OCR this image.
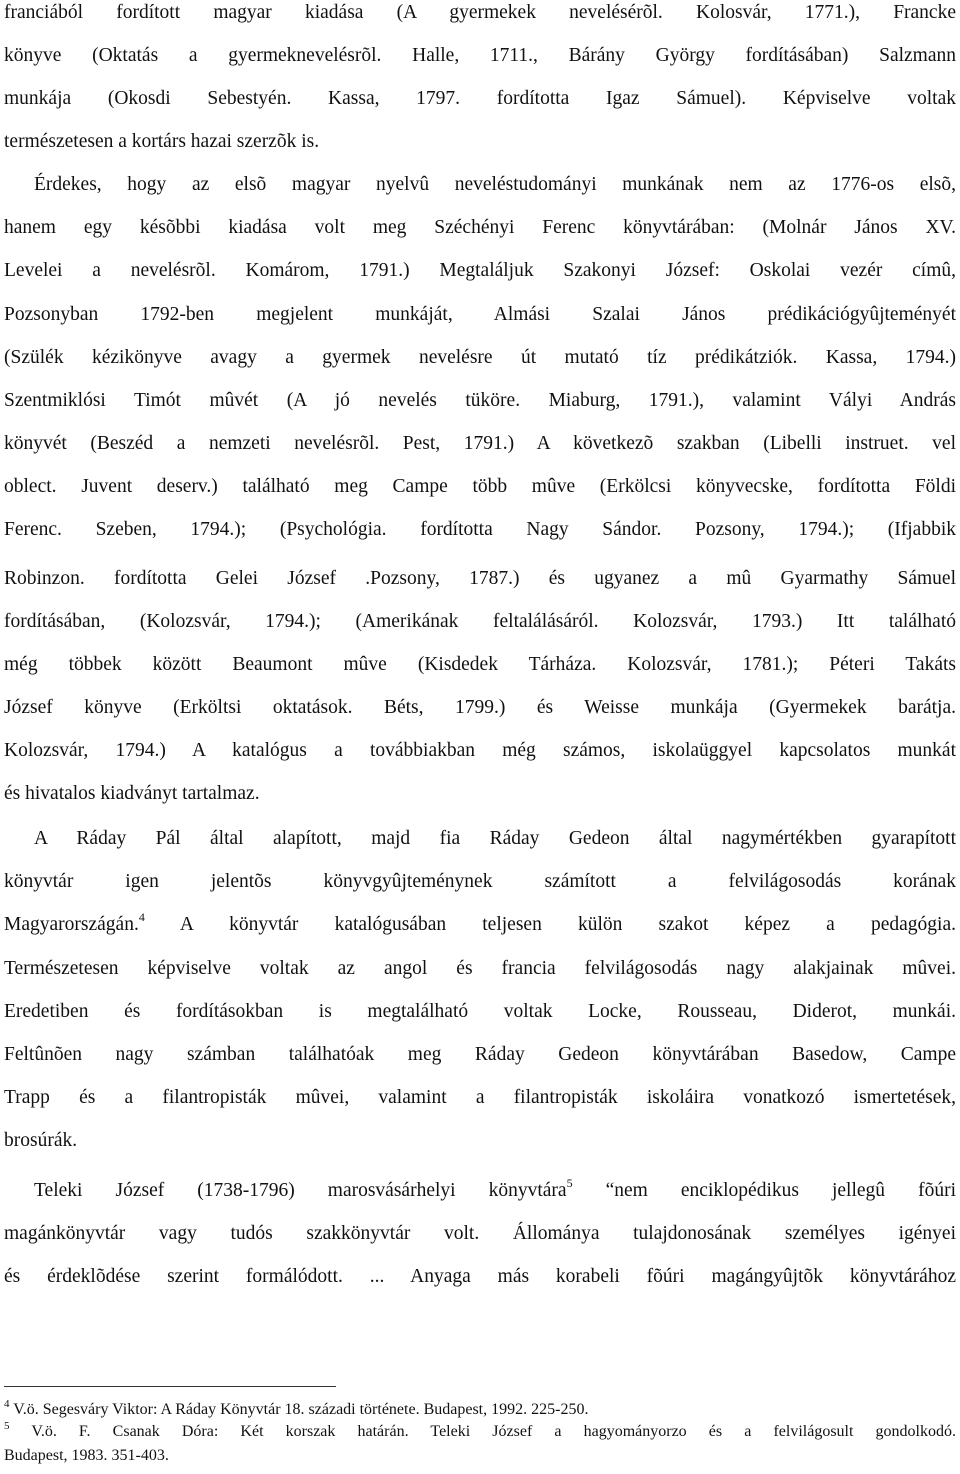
franciából fordított magyar kiadása (A gyermekek nevelésérõl. Kolosvár, 1771.), Francke
könyve (Oktatás a gyermeknevelésrõl. Halle, 1711., Bárány György fordításában) Salzmann
munkája (Okosdi Sebestyén. Kassa, 1797. fordította Igaz Sámuel). Képviselve voltak
természetesen a kortárs hazai szerzõk is.
Érdekes, hogy az elsõ magyar nyelvû neveléstudományi munkának nem az 1776-os elsõ,
hanem egy késõbbi kiadása volt meg Széchényi Ferenc könyvtárában: (Molnár János XV.
Levelei a nevelésrõl. Komárom, 1791.) Megtaláljuk Szakonyi József: Oskolai vezér címû,
Pozsonyban 1792-ben megjelent munkáját, Almási Szalai János prédikációgyûjteményét
(Szülék kézikönyve avagy a gyermek nevelésre út mutató tíz prédikátziók. Kassa, 1794.)
Szentmiklósi Timót mûvét (A jó nevelés tüköre. Miaburg, 1791.), valamint Vályi András
könyvét (Beszéd a nemzeti nevelésrõl. Pest, 1791.) A következõ szakban (Libelli instruet. vel
oblect. Juvent deserv.) található meg Campe több mûve (Erkölcsi könyvecske, fordította Földi
Ferenc. Szeben, 1794.); (Psychológia. fordította Nagy Sándor. Pozsony, 1794.); (Ifjabbik
Robinzon. fordította Gelei József .Pozsony, 1787.) és ugyanez a mû Gyarmathy Sámuel
fordításában, (Kolozsvár, 1794.); (Amerikának feltalálásáról. Kolozsvár, 1793.) Itt található
még többek között Beaumont mûve (Kisdedek Tárháza. Kolozsvár, 1781.); Péteri Takáts
József könyve (Erköltsi oktatások. Béts, 1799.) és Weisse munkája (Gyermekek barátja.
Kolozsvár, 1794.) A katalógus a továbbiakban még számos, iskolaüggyel kapcsolatos munkát
és hivatalos kiadványt tartalmaz.
A Ráday Pál által alapított, majd fia Ráday Gedeon által nagymértékben gyarapított
könyvtár igen jelentõs könyvgyûjteménynek számított a felvilágosodás korának
Magyarországán.$^4$ A könyvtár katalógusában teljesen külön szakot képez a pedagógia.
Természetesen képviselve voltak az angol és francia felvilágosodás nagy alakjainak mûvei.
Eredetiben és fordításokban is megtalálható voltak Locke, Rousseau, Diderot, munkái.
Feltûnõen nagy számban találhatóak meg Ráday Gedeon könyvtárában Basedow, Campe
Trapp és a filantropisták mûvei, valamint a filantropisták iskoláira vonatkozó ismertetések,
brosúrák.
Teleki József (1738-1796) marosvásárhelyi könyvtára$^5$ “nem enciklopédikus jellegû fõúri
magánkönyvtár vagy tudós szakkönyvtár volt. Állománya tulajdonosának személyes igényei
és érdeklõdése szerint formálódott. ... Anyaga más korabeli fõúri magángyûjtõk könyvtárához
$^4$ V.ö. Segesváry Viktor: A Ráday Könyvtár 18. századi története. Budapest, 1992. 225-250.
$^5$ V.ö. F. Csanak Dóra: Két korszak határán. Teleki József a hagyományorzo és a felvilágosult gondolkodó.
Budapest, 1983. 351-403.
